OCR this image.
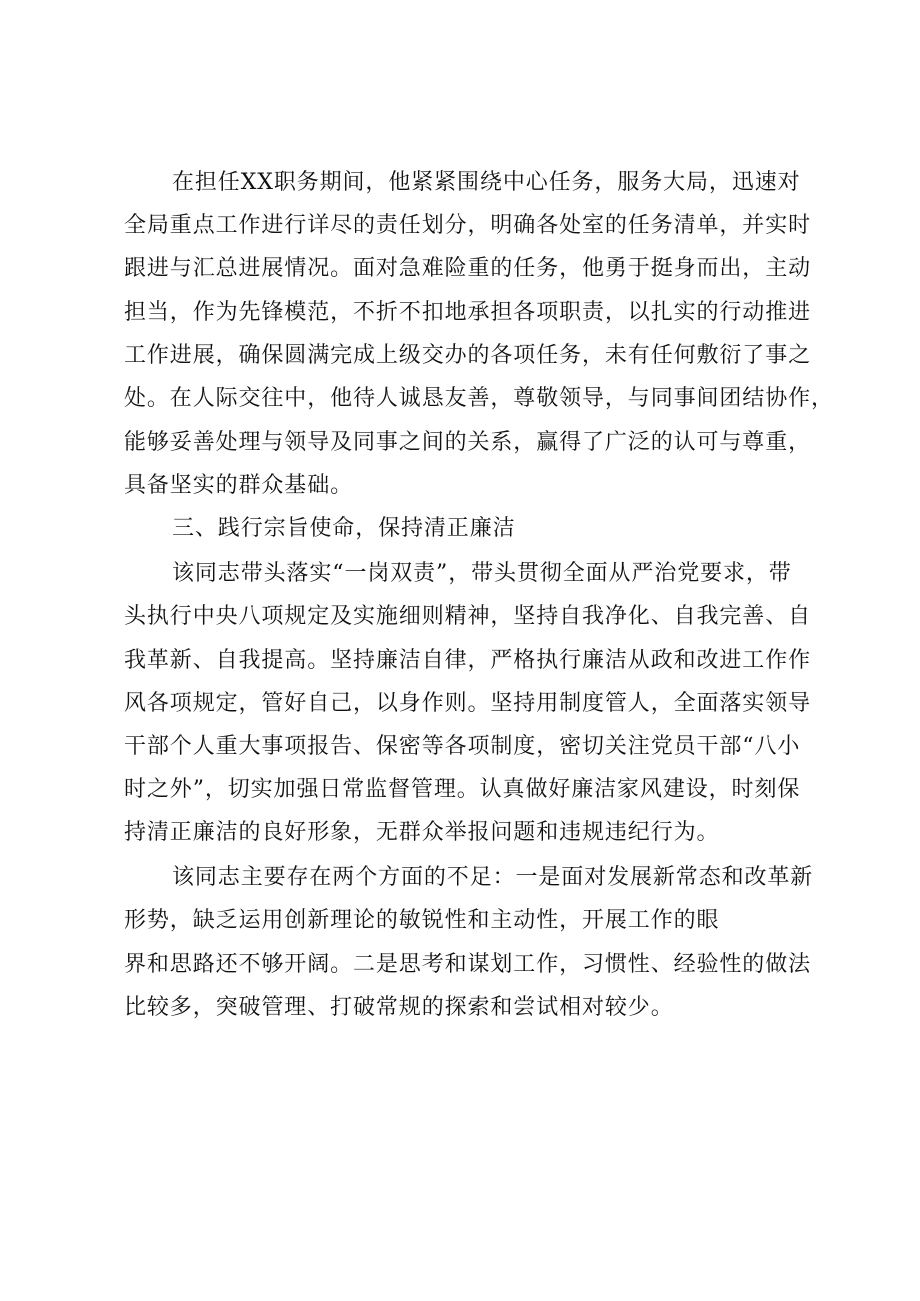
在担任XX职务期间，他紧紧围绕中心任务，服务大局，迅速对
全局重点工作进行详尽的责任划分，明确各处室的任务清单，并实时
跟进与汇总进展情况。面对急难险重的任务，他勇于挺身而出，主动
担当，作为先锋模范，不折不扣地承担各项职责，以扎实的行动推进
工作进展，确保圆满完成上级交办的各项任务，未有任何敷衍了事之
处。在人际交往中，他待人诚恳友善，尊敬领导，与同事间团结协作，
能够妥善处理与领导及同事之间的关系，赢得了广泛的认可与尊重，
具备坚实的群众基础。
三、践行宗旨使命，保持清正廉洁
该同志带头落实“一岗双责”，带头贯彻全面从严治党要求，带
头执行中央八项规定及实施细则精神，坚持自我净化、自我完善、自
我革新、自我提高。坚持廉洁自律，严格执行廉洁从政和改进工作作
风各项规定，管好自己，以身作则。坚持用制度管人，全面落实领导
干部个人重大事项报告、保密等各项制度，密切关注党员干部“八小
时之外”，切实加强日常监督管理。认真做好廉洁家风建设，时刻保
持清正廉洁的良好形象，无群众举报问题和违规违纪行为。
该同志主要存在两个方面的不足：一是面对发展新常态和改革新
形势，缺乏运用创新理论的敏锐性和主动性，开展工作的眼
界和思路还不够开阔。二是思考和谋划工作，习惯性、经验性的做法
比较多，突破管理、打破常规的探索和尝试相对较少。
